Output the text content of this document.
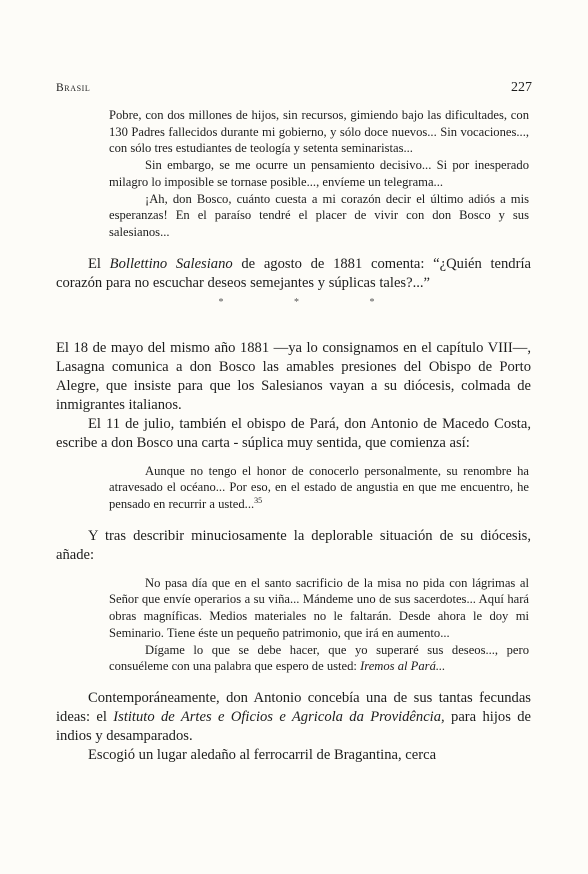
Brasil	227

Pobre, con dos millones de hijos, sin recursos, gimiendo bajo las dificultades, con 130 Padres fallecidos durante mi gobierno, y sólo doce nuevos... Sin vocaciones..., con sólo tres estudiantes de teología y setenta seminaristas...

Sin embargo, se me ocurre un pensamiento decisivo... Si por inesperado milagro lo imposible se tornase posible..., envíeme un telegrama...

¡Ah, don Bosco, cuánto cuesta a mi corazón decir el último adiós a mis esperanzas! En el paraíso tendré el placer de vivir con don Bosco y sus salesianos...

El Bollettino Salesiano de agosto de 1881 comenta: “¿Quién tendría corazón para no escuchar deseos semejantes y súplicas tales?...”

* * *

El 18 de mayo del mismo año 1881 —ya lo consignamos en el capítulo VIII—, Lasagna comunica a don Bosco las amables presiones del Obispo de Porto Alegre, que insiste para que los Salesianos vayan a su diócesis, colmada de inmigrantes italianos.

El 11 de julio, también el obispo de Pará, don Antonio de Macedo Costa, escribe a don Bosco una carta - súplica muy sentida, que comienza así:

Aunque no tengo el honor de conocerlo personalmente, su renombre ha atravesado el océano... Por eso, en el estado de angustia en que me encuentro, he pensado en recurrir a usted...$^{35}$

Y tras describir minuciosamente la deplorable situación de su diócesis, añade:

No pasa día que en el santo sacrificio de la misa no pida con lágrimas al Señor que envíe operarios a su viña... Mándeme uno de sus sacerdotes... Aquí hará obras magníficas. Medios materiales no le faltarán. Desde ahora le doy mi Seminario. Tiene éste un pequeño patrimonio, que irá en aumento...

Dígame lo que se debe hacer, que yo superaré sus deseos..., pero consuéleme con una palabra que espero de usted: Iremos al Pará...

Contemporáneamente, don Antonio concebía una de sus tantas fecundas ideas: el Istituto de Artes e Oficios e Agricola da Providência, para hijos de indios y desamparados.

Escogió un lugar aledaño al ferrocarril de Bragantina, cerca
